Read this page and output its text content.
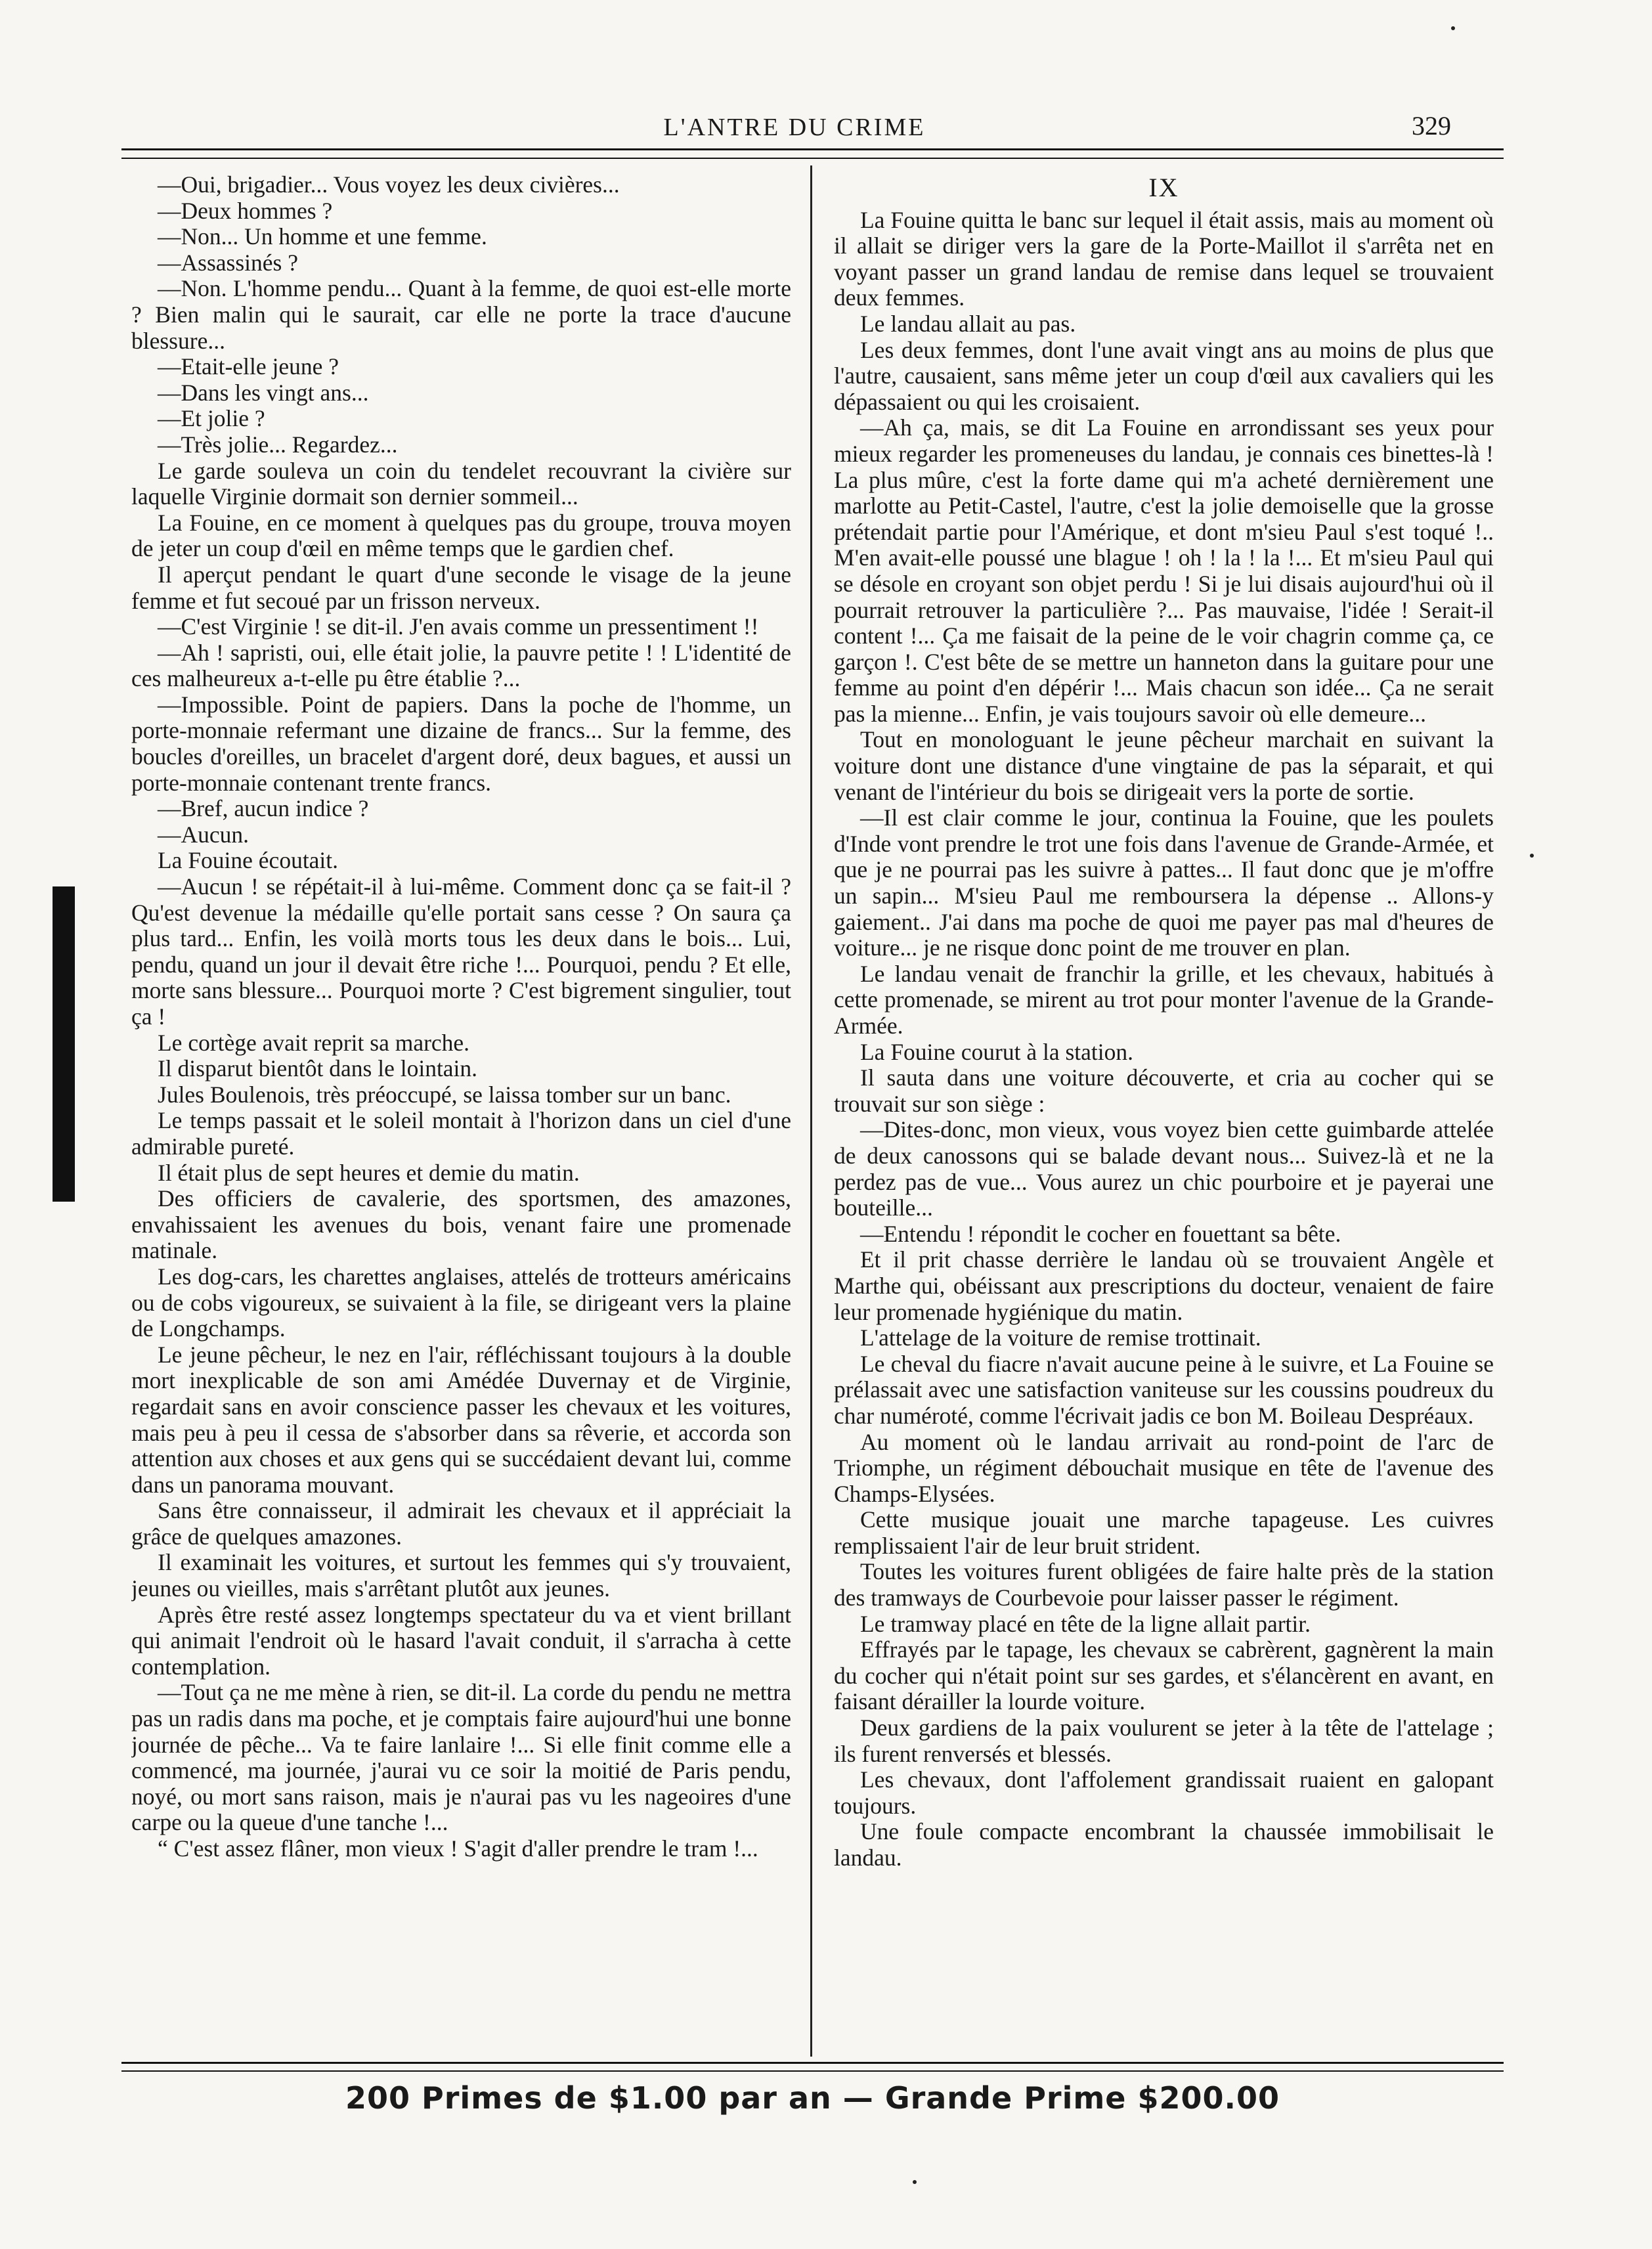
L'ANTRE DU CRIME	329

—Oui, brigadier... Vous voyez les deux civières...

—Deux hommes ?

—Non... Un homme et une femme.

—Assassinés ?

—Non. L'homme pendu... Quant à la femme, de quoi est-elle morte ? Bien malin qui le saurait, car elle ne porte la trace d'aucune blessure...

—Etait-elle jeune ?

—Dans les vingt ans...

—Et jolie ?

—Très jolie... Regardez...

Le garde souleva un coin du tendelet recouvrant la civière sur laquelle Virginie dormait son dernier sommeil...

La Fouine, en ce moment à quelques pas du groupe, trouva moyen de jeter un coup d'œil en même temps que le gardien chef.

Il aperçut pendant le quart d'une seconde le visage de la jeune femme et fut secoué par un frisson nerveux.

—C'est Virginie ! se dit-il. J'en avais comme un pressentiment !!

—Ah ! sapristi, oui, elle était jolie, la pauvre petite ! ! L'identité de ces malheureux a-t-elle pu être établie ?...

—Impossible. Point de papiers. Dans la poche de l'homme, un porte-monnaie refermant une dizaine de francs... Sur la femme, des boucles d'oreilles, un bracelet d'argent doré, deux bagues, et aussi un porte-monnaie contenant trente francs.

—Bref, aucun indice ?

—Aucun.

La Fouine écoutait.

—Aucun ! se répétait-il à lui-même. Comment donc ça se fait-il ? Qu'est devenue la médaille qu'elle portait sans cesse ? On saura ça plus tard... Enfin, les voilà morts tous les deux dans le bois... Lui, pendu, quand un jour il devait être riche !... Pourquoi, pendu ? Et elle, morte sans blessure... Pourquoi morte ? C'est bigrement singulier, tout ça !

Le cortège avait reprit sa marche.

Il disparut bientôt dans le lointain.

Jules Boulenois, très préoccupé, se laissa tomber sur un banc.

Le temps passait et le soleil montait à l'horizon dans un ciel d'une admirable pureté.

Il était plus de sept heures et demie du matin.

Des officiers de cavalerie, des sportsmen, des amazones, envahissaient les avenues du bois, venant faire une promenade matinale.

Les dog-cars, les charettes anglaises, attelés de trotteurs américains ou de cobs vigoureux, se suivaient à la file, se dirigeant vers la plaine de Longchamps.

Le jeune pêcheur, le nez en l'air, réfléchissant toujours à la double mort inexplicable de son ami Amédée Duvernay et de Virginie, regardait sans en avoir conscience passer les chevaux et les voitures, mais peu à peu il cessa de s'absorber dans sa rêverie, et accorda son attention aux choses et aux gens qui se succédaient devant lui, comme dans un panorama mouvant.

Sans être connaisseur, il admirait les chevaux et il appréciait la grâce de quelques amazones.

Il examinait les voitures, et surtout les femmes qui s'y trouvaient, jeunes ou vieilles, mais s'arrêtant plutôt aux jeunes.

Après être resté assez longtemps spectateur du va et vient brillant qui animait l'endroit où le hasard l'avait conduit, il s'arracha à cette contemplation.

—Tout ça ne me mène à rien, se dit-il. La corde du pendu ne mettra pas un radis dans ma poche, et je comptais faire aujourd'hui une bonne journée de pêche... Va te faire lanlaire !... Si elle finit comme elle a commencé, ma journée, j'aurai vu ce soir la moitié de Paris pendu, noyé, ou mort sans raison, mais je n'aurai pas vu les nageoires d'une carpe ou la queue d'une tanche !...

“ C'est assez flâner, mon vieux ! S'agit d'aller prendre le tram !...

IX

La Fouine quitta le banc sur lequel il était assis, mais au moment où il allait se diriger vers la gare de la Porte-Maillot il s'arrêta net en voyant passer un grand landau de remise dans lequel se trouvaient deux femmes.

Le landau allait au pas.

Les deux femmes, dont l'une avait vingt ans au moins de plus que l'autre, causaient, sans même jeter un coup d'œil aux cavaliers qui les dépassaient ou qui les croisaient.

—Ah ça, mais, se dit La Fouine en arrondissant ses yeux pour mieux regarder les promeneuses du landau, je connais ces binettes-là ! La plus mûre, c'est la forte dame qui m'a acheté dernièrement une marlotte au Petit-Castel, l'autre, c'est la jolie demoiselle que la grosse prétendait partie pour l'Amérique, et dont m'sieu Paul s'est toqué !.. M'en avait-elle poussé une blague ! oh ! la ! la !... Et m'sieu Paul qui se désole en croyant son objet perdu ! Si je lui disais aujourd'hui où il pourrait retrouver la particulière ?... Pas mauvaise, l'idée ! Serait-il content !... Ça me faisait de la peine de le voir chagrin comme ça, ce garçon !. C'est bête de se mettre un hanneton dans la guitare pour une femme au point d'en dépérir !... Mais chacun son idée... Ça ne serait pas la mienne... Enfin, je vais toujours savoir où elle demeure...

Tout en monologuant le jeune pêcheur marchait en suivant la voiture dont une distance d'une vingtaine de pas la séparait, et qui venant de l'intérieur du bois se dirigeait vers la porte de sortie.

—Il est clair comme le jour, continua la Fouine, que les poulets d'Inde vont prendre le trot une fois dans l'avenue de Grande-Armée, et que je ne pourrai pas les suivre à pattes... Il faut donc que je m'offre un sapin... M'sieu Paul me remboursera la dépense .. Allons-y gaiement.. J'ai dans ma poche de quoi me payer pas mal d'heures de voiture... je ne risque donc point de me trouver en plan.

Le landau venait de franchir la grille, et les chevaux, habitués à cette promenade, se mirent au trot pour monter l'avenue de la Grande-Armée.

La Fouine courut à la station.

Il sauta dans une voiture découverte, et cria au cocher qui se trouvait sur son siège :

—Dites-donc, mon vieux, vous voyez bien cette guimbarde attelée de deux canossons qui se balade devant nous... Suivez-là et ne la perdez pas de vue... Vous aurez un chic pourboire et je payerai une bouteille...

—Entendu ! répondit le cocher en fouettant sa bête.

Et il prit chasse derrière le landau où se trouvaient Angèle et Marthe qui, obéissant aux prescriptions du docteur, venaient de faire leur promenade hygiénique du matin.

L'attelage de la voiture de remise trottinait.

Le cheval du fiacre n'avait aucune peine à le suivre, et La Fouine se prélassait avec une satisfaction vaniteuse sur les coussins poudreux du char numéroté, comme l'écrivait jadis ce bon M. Boileau Despréaux.

Au moment où le landau arrivait au rond-point de l'arc de Triomphe, un régiment débouchait musique en tête de l'avenue des Champs-Elysées.

Cette musique jouait une marche tapageuse. Les cuivres remplissaient l'air de leur bruit strident.

Toutes les voitures furent obligées de faire halte près de la station des tramways de Courbevoie pour laisser passer le régiment.

Le tramway placé en tête de la ligne allait partir.

Effrayés par le tapage, les chevaux se cabrèrent, gagnèrent la main du cocher qui n'était point sur ses gardes, et s'élancèrent en avant, en faisant dérailler la lourde voiture.

Deux gardiens de la paix voulurent se jeter à la tête de l'attelage ; ils furent renversés et blessés.

Les chevaux, dont l'affolement grandissait ruaient en galopant toujours.

Une foule compacte encombrant la chaussée immobilisait le landau.

200 Primes de $1.00 par an — Grande Prime $200.00
